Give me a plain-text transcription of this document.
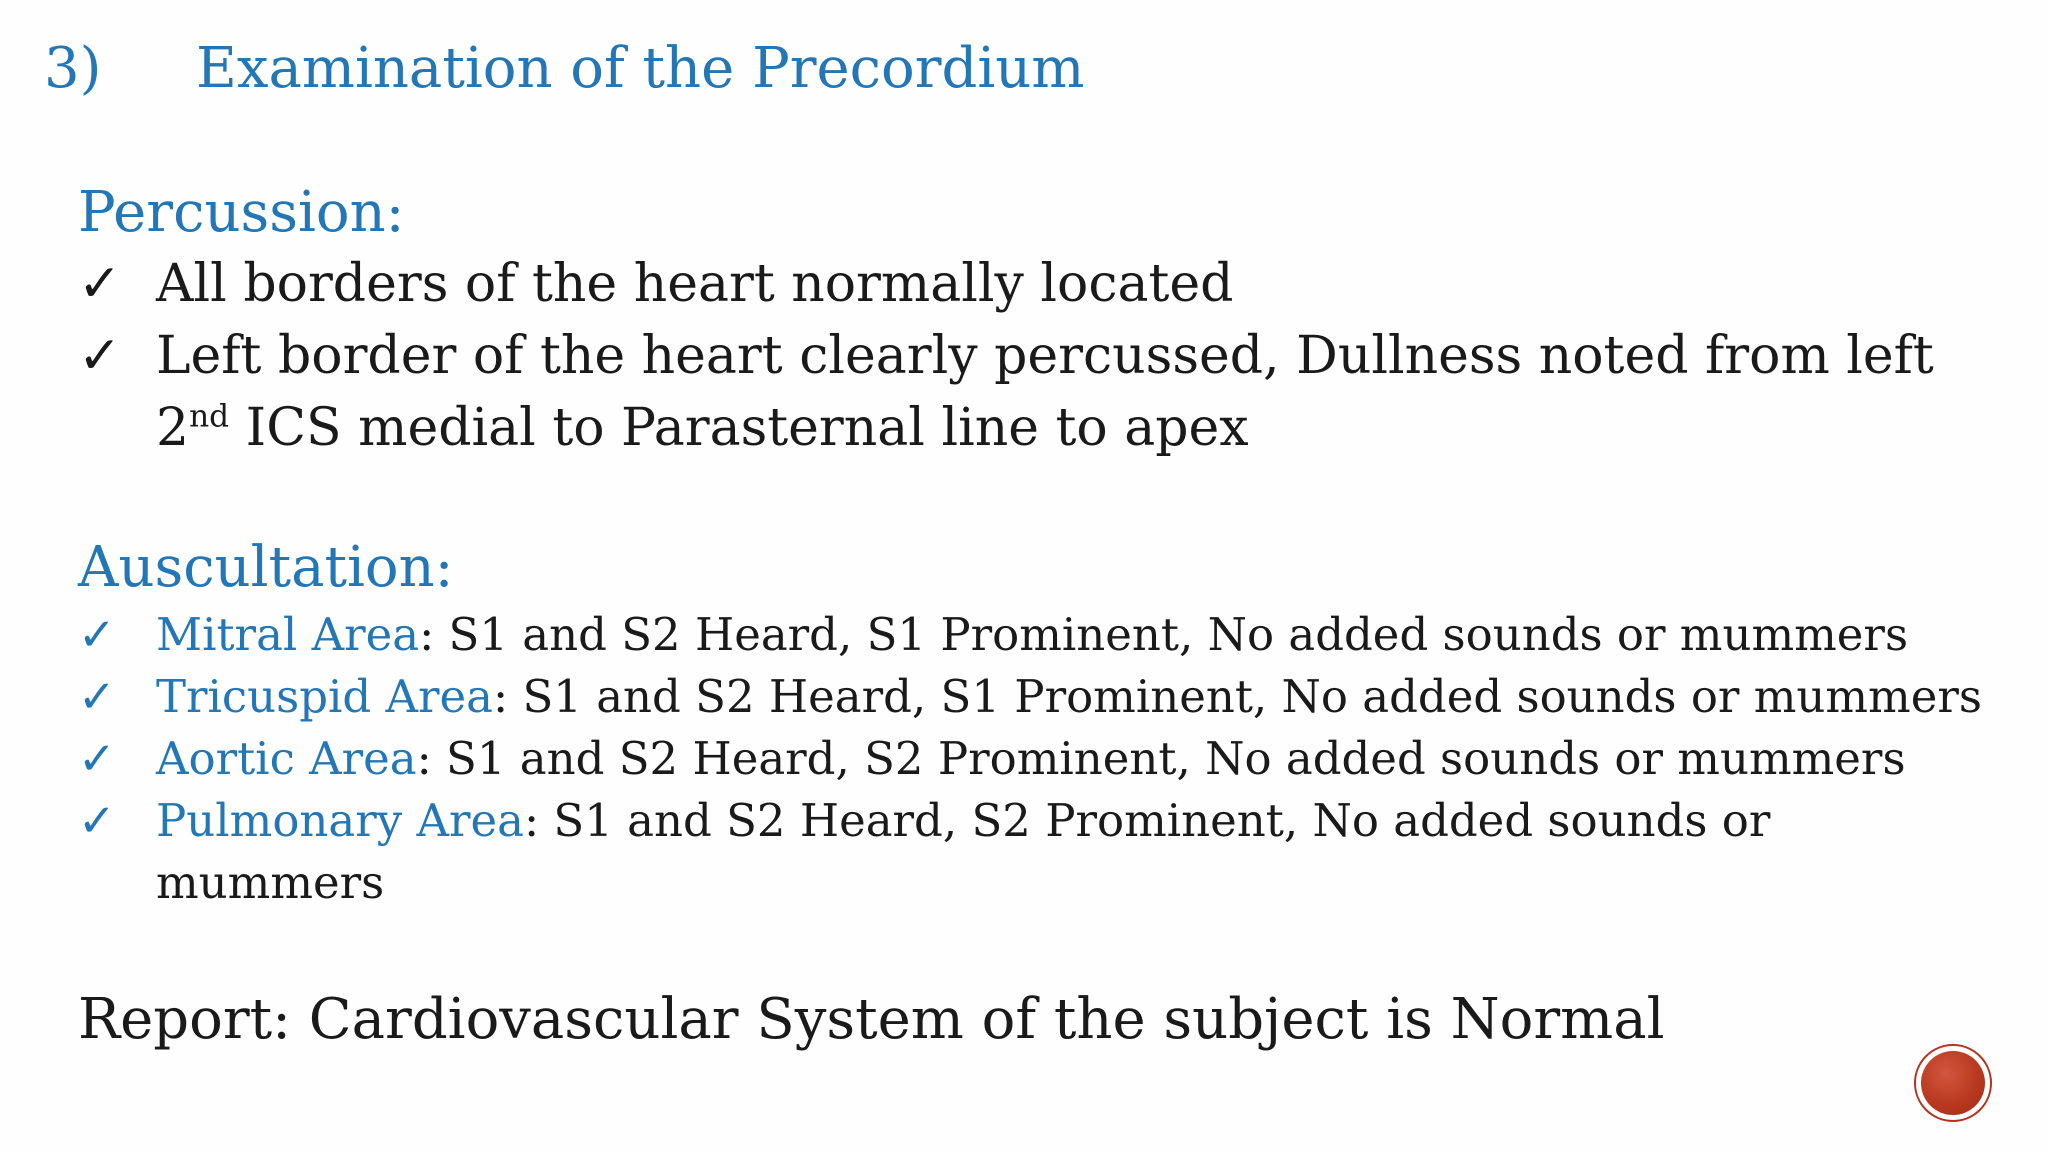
3) Examination of the Precordium
Percussion:
✓ All borders of the heart normally located
✓ Left border of the heart clearly percussed, Dullness noted from left
2nd ICS medial to Parasternal line to apex
Auscultation:
✓ Mitral Area: S1 and S2 Heard, S1 Prominent, No added sounds or mummers
✓ Tricuspid Area: S1 and S2 Heard, S1 Prominent, No added sounds or mummers
✓ Aortic Area: S1 and S2 Heard, S2 Prominent, No added sounds or mummers
✓ Pulmonary Area: S1 and S2 Heard, S2 Prominent, No added sounds or
mummers
Report: Cardiovascular System of the subject is Normal
